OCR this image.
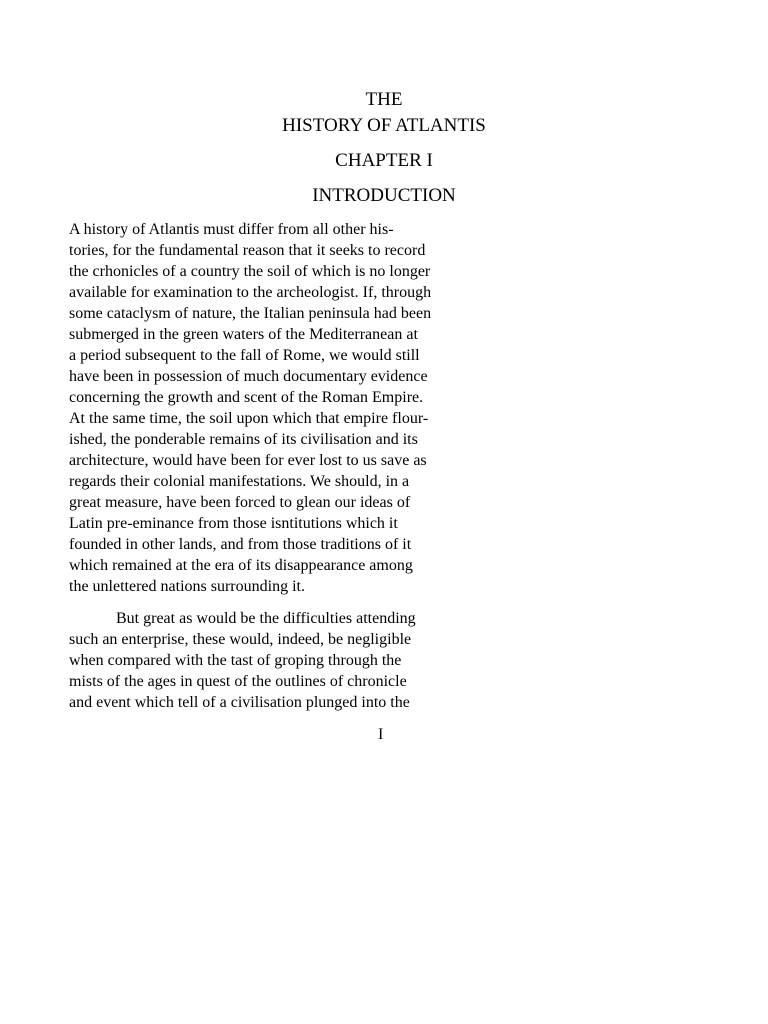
THE
HISTORY OF ATLANTIS
CHAPTER I
INTRODUCTION
A history of Atlantis must differ from all other his-
tories, for the fundamental reason that it seeks to record
the crhonicles of a country the soil of which is no longer
available for examination to the archeologist. If, through
some cataclysm of nature, the Italian peninsula had been
submerged in the green waters of the Mediterranean at
a period subsequent to the fall of Rome, we would still
have been in possession of much documentary evidence
concerning the growth and scent of the Roman Empire.
At the same time, the soil upon which that empire flour-
ished, the ponderable remains of its civilisation and its
architecture, would have been for ever lost to us save as
regards their colonial manifestations. We should, in a
great measure, have been forced to glean our ideas of
Latin pre-eminance from those isntitutions which it
founded in other lands, and from those traditions of it
which remained at the era of its disappearance among
the unlettered nations surrounding it.
But great as would be the difficulties attending
such an enterprise, these would, indeed, be negligible
when compared with the tast of groping through the
mists of the ages in quest of the outlines of chronicle
and event which tell of a civilisation plunged into the
I
